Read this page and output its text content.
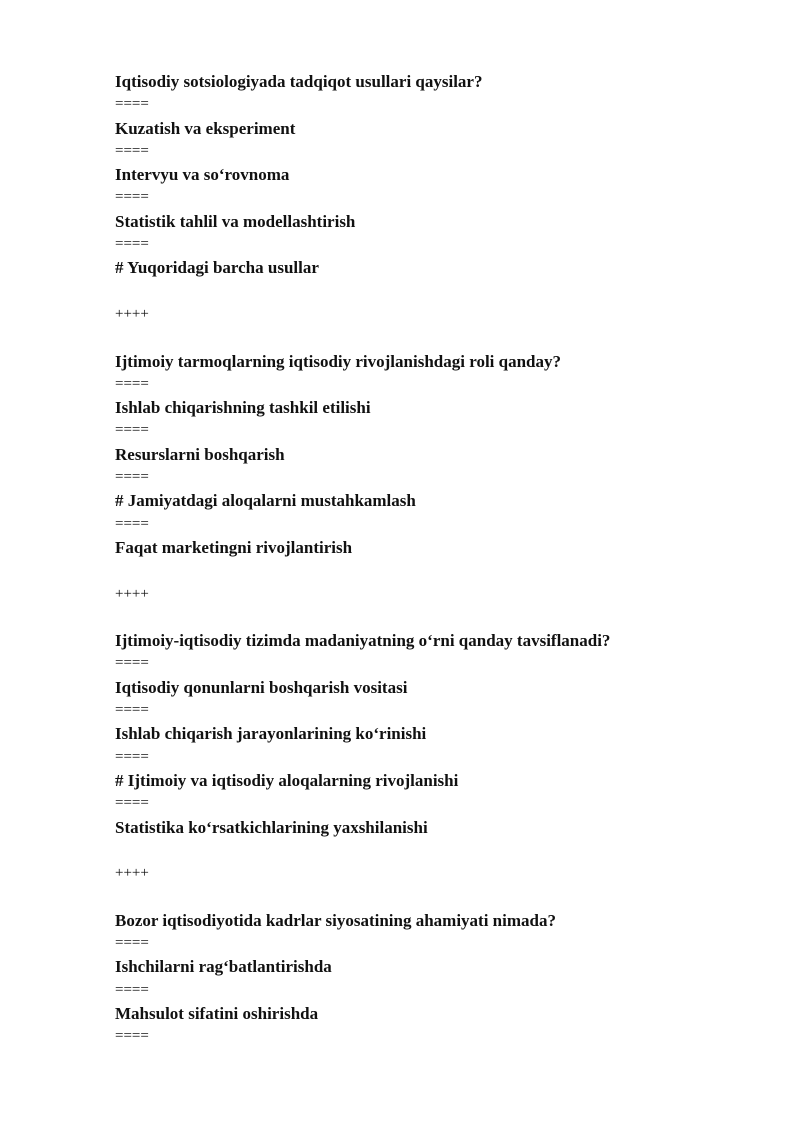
Iqtisodiy sotsiologiyada tadqiqot usullari qaysilar?
====
Kuzatish va eksperiment
====
Intervyu va so‘rovnoma
====
Statistik tahlil va modellashtirish
====
# Yuqoridagi barcha usullar
++++
Ijtimoiy tarmoqlarning iqtisodiy rivojlanishdagi roli qanday?
====
Ishlab chiqarishning tashkil etilishi
====
Resurslarni boshqarish
====
# Jamiyatdagi aloqalarni mustahkamlash
====
Faqat marketingni rivojlantirish
++++
Ijtimoiy-iqtisodiy tizimda madaniyatning o‘rni qanday tavsiflanadi?
====
Iqtisodiy qonunlarni boshqarish vositasi
====
Ishlab chiqarish jarayonlarining ko‘rinishi
====
# Ijtimoiy va iqtisodiy aloqalarning rivojlanishi
====
Statistika ko‘rsatkichlarining yaxshilanishi
++++
Bozor iqtisodiyotida kadrlar siyosatining ahamiyati nimada?
====
Ishchilarni rag‘batlantirishda
====
Mahsulot sifatini oshirishda
====
